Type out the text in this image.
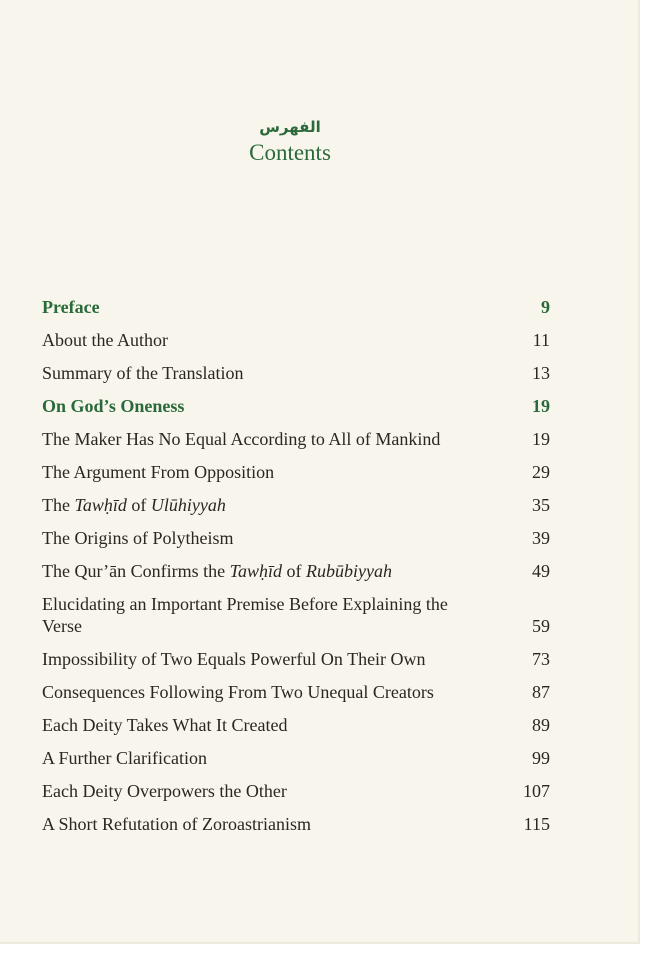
الفهرس
Contents
Preface	9
About the Author	11
Summary of the Translation	13
On God’s Oneness	19
The Maker Has No Equal According to All of Mankind	19
The Argument From Opposition	29
The Tawḥīd of Ulūhiyyah	35
The Origins of Polytheism	39
The Qur’ān Confirms the Tawḥīd of Rubūbiyyah	49
Elucidating an Important Premise Before Explaining the
Verse	59
Impossibility of Two Equals Powerful On Their Own	73
Consequences Following From Two Unequal Creators	87
Each Deity Takes What It Created	89
A Further Clarification	99
Each Deity Overpowers the Other	107
A Short Refutation of Zoroastrianism	115
